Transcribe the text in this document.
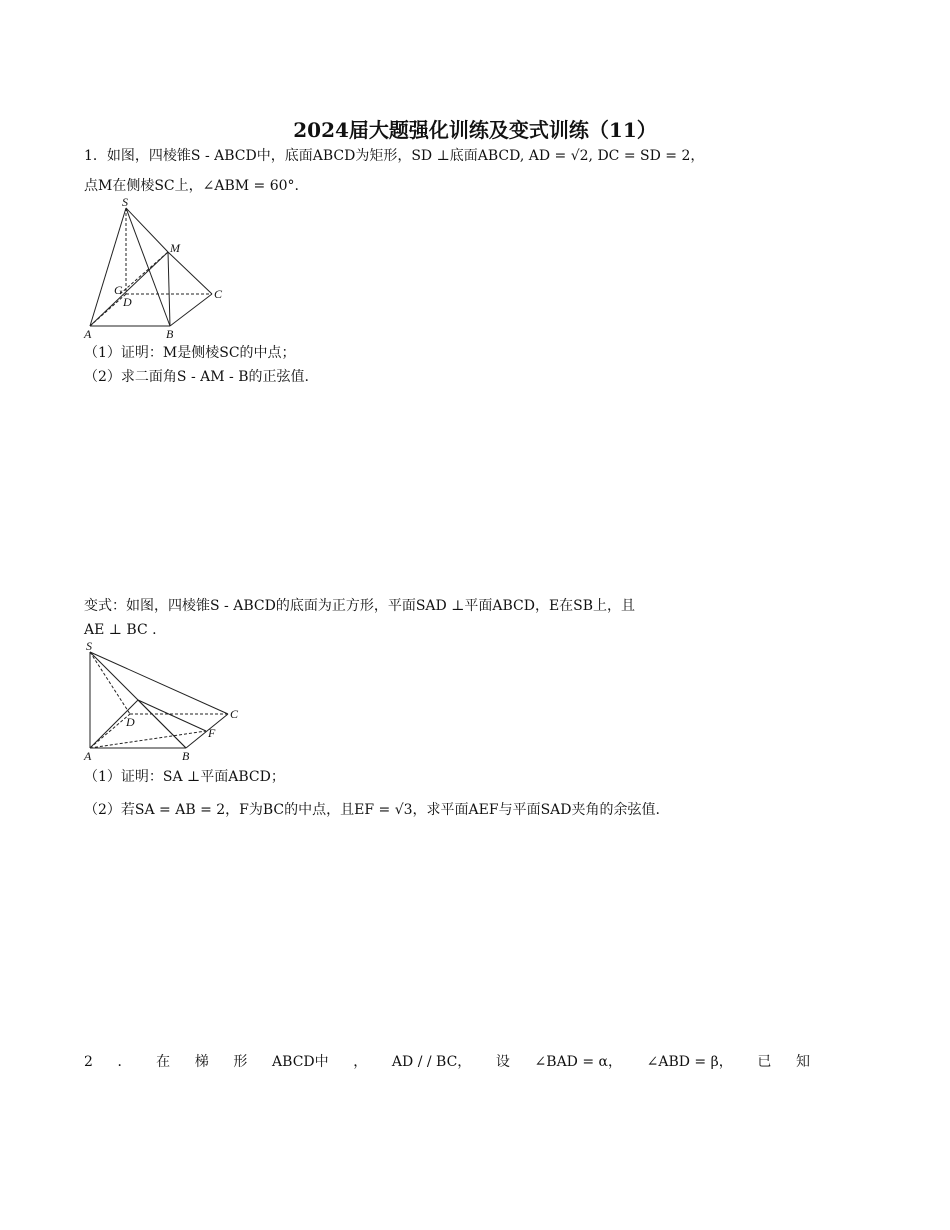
2024届大题强化训练及变式训练（11）
1．如图，四棱锥S - ABCD中，底面ABCD为矩形，SD ⊥底面ABCD, AD = √2, DC = SD = 2，
点M在侧棱SC上，∠ABM = 60°.
S
M
G
D
C
A	B
（1）证明：M是侧棱SC的中点；
（2）求二面角S - AM - B的正弦值.
变式：如图，四棱锥S - ABCD的底面为正方形，平面SAD ⊥平面ABCD，E在SB上，且
AE ⊥ BC .
S
D
C
F
A	B
（1）证明：SA ⊥平面ABCD；
（2）若SA = AB = 2，F为BC的中点，且EF = √3，求平面AEF与平面SAD夹角的余弦值.
2 ． 在 梯 形 ABCD中 ， AD / / BC， 设 ∠BAD = α， ∠ABD = β， 已 知
